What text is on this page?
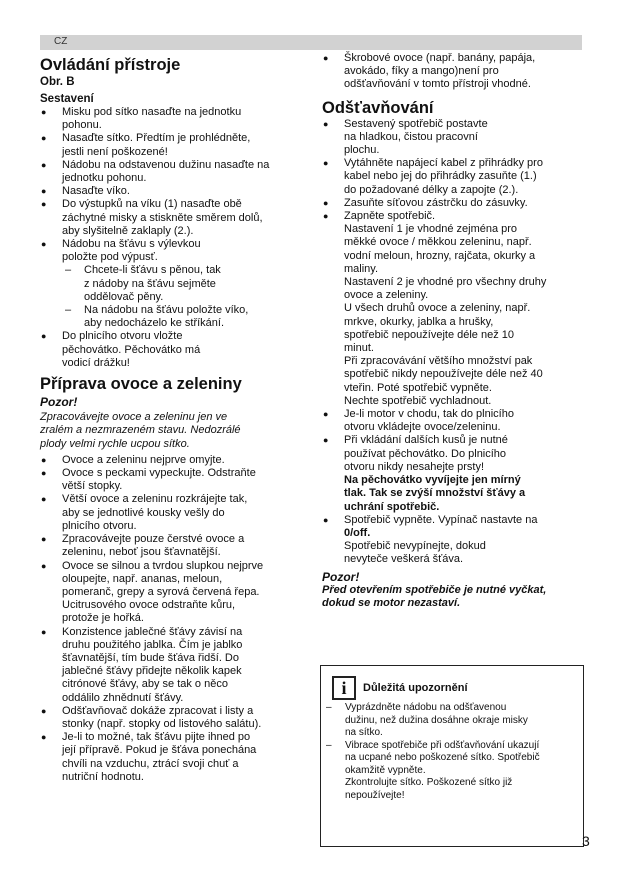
CZ
Ovládání přístroje
Obr. B
Sestavení
● Misku pod sítko nasaďte na jednotku
pohonu.
● Nasaďte sítko. Předtím je prohlédněte,
jestli není poškozené!
● Nádobu na odstavenou dužinu nasaďte na
jednotku pohonu.
● Nasaďte víko.
● Do výstupků na víku (1) nasaďte obě
záchytné misky a stiskněte směrem dolů,
aby slyšitelně zaklaply (2.).
● Nádobu na šťávu s výlevkou
položte pod výpusť.
– Chcete-li šťávu s pěnou, tak
z nádoby na šťávu sejměte
oddělovač pěny.
– Na nádobu na šťávu položte víko,
aby nedocházelo ke stříkání.
● Do plnicího otvoru vložte
pěchovátko. Pěchovátko má
vodicí drážku!
Příprava ovoce a zeleniny
Pozor!
Zpracovávejte ovoce a zeleninu jen ve
zralém a nezmrazeném stavu. Nedozrálé
plody velmi rychle ucpou sítko.
● Ovoce a zeleninu nejprve omyjte.
● Ovoce s peckami vypeckujte. Odstraňte
větší stopky.
● Větší ovoce a zeleninu rozkrájejte tak,
aby se jednotlivé kousky vešly do
plnicího otvoru.
● Zpracovávejte pouze čerstvé ovoce a
zeleninu, neboť jsou šťavnatější.
● Ovoce se silnou a tvrdou slupkou nejprve
oloupejte, např. ananas, meloun,
pomeranč, grepy a syrová červená řepa.
Ucitrusového ovoce odstraňte kůru,
protože je hořká.
● Konzistence jablečné šťávy závisí na
druhu použitého jablka. Čím je jablko
šťavnatější, tím bude šťáva řidší. Do
jablečné šťávy přidejte několik kapek
citrónové šťávy, aby se tak o něco
oddálilo zhnědnutí šťávy.
● Odšťavňovač dokáže zpracovat i listy a
stonky (např. stopky od listového salátu).
● Je-li to možné, tak šťávu pijte ihned po
její přípravě. Pokud je šťáva ponechána
chvíli na vzduchu, ztrácí svoji chuť a
nutriční hodnotu.
● Škrobové ovoce (např. banány, papája,
avokádo, fíky a mango)není pro
odšťavňování v tomto přístroji vhodné.
Odšťavňování
● Sestavený spotřebič postavte
na hladkou, čistou pracovní
plochu.
● Vytáhněte napájecí kabel z přihrádky pro
kabel nebo jej do přihrádky zasuňte (1.)
do požadované délky a zapojte (2.).
● Zasuňte síťovou zástrčku do zásuvky.
● Zapněte spotřebič.
Nastavení 1 je vhodné zejména pro
měkké ovoce / měkkou zeleninu, např.
vodní meloun, hrozny, rajčata, okurky a
maliny.
Nastavení 2 je vhodné pro všechny druhy
ovoce a zeleniny.
U všech druhů ovoce a zeleniny, např.
mrkve, okurky, jablka a hrušky,
spotřebič nepoužívejte déle než 10
minut.
Při zpracovávání většího množství pak
spotřebič nikdy nepoužívejte déle než 40
vteřin. Poté spotřebič vypněte.
Nechte spotřebič vychladnout.
● Je-li motor v chodu, tak do plnicího
otvoru vkládejte ovoce/zeleninu.
● Při vkládání dalších kusů je nutné
používat pěchovátko. Do plnicího
otvoru nikdy nesahejte prsty!
Na pěchovátko vyvíjejte jen mírný
tlak. Tak se zvýší množství šťávy a
uchrání spotřebič.
● Spotřebič vypněte. Vypínač nastavte na
0/off.
Spotřebič nevypínejte, dokud
nevyteče veškerá šťáva.
Pozor!
Před otevřením spotřebiče je nutné vyčkat,
dokud se motor nezastaví.
i	Důležitá upozornění
– Vyprázdněte nádobu na odšťavenou
dužinu, než dužina dosáhne okraje misky
na sítko.
– Vibrace spotřebiče při odšťavňování ukazují
na ucpané nebo poškozené sítko. Spotřebič
okamžitě vypněte.
Zkontrolujte sítko. Poškozené sítko již
nepoužívejte!
3
